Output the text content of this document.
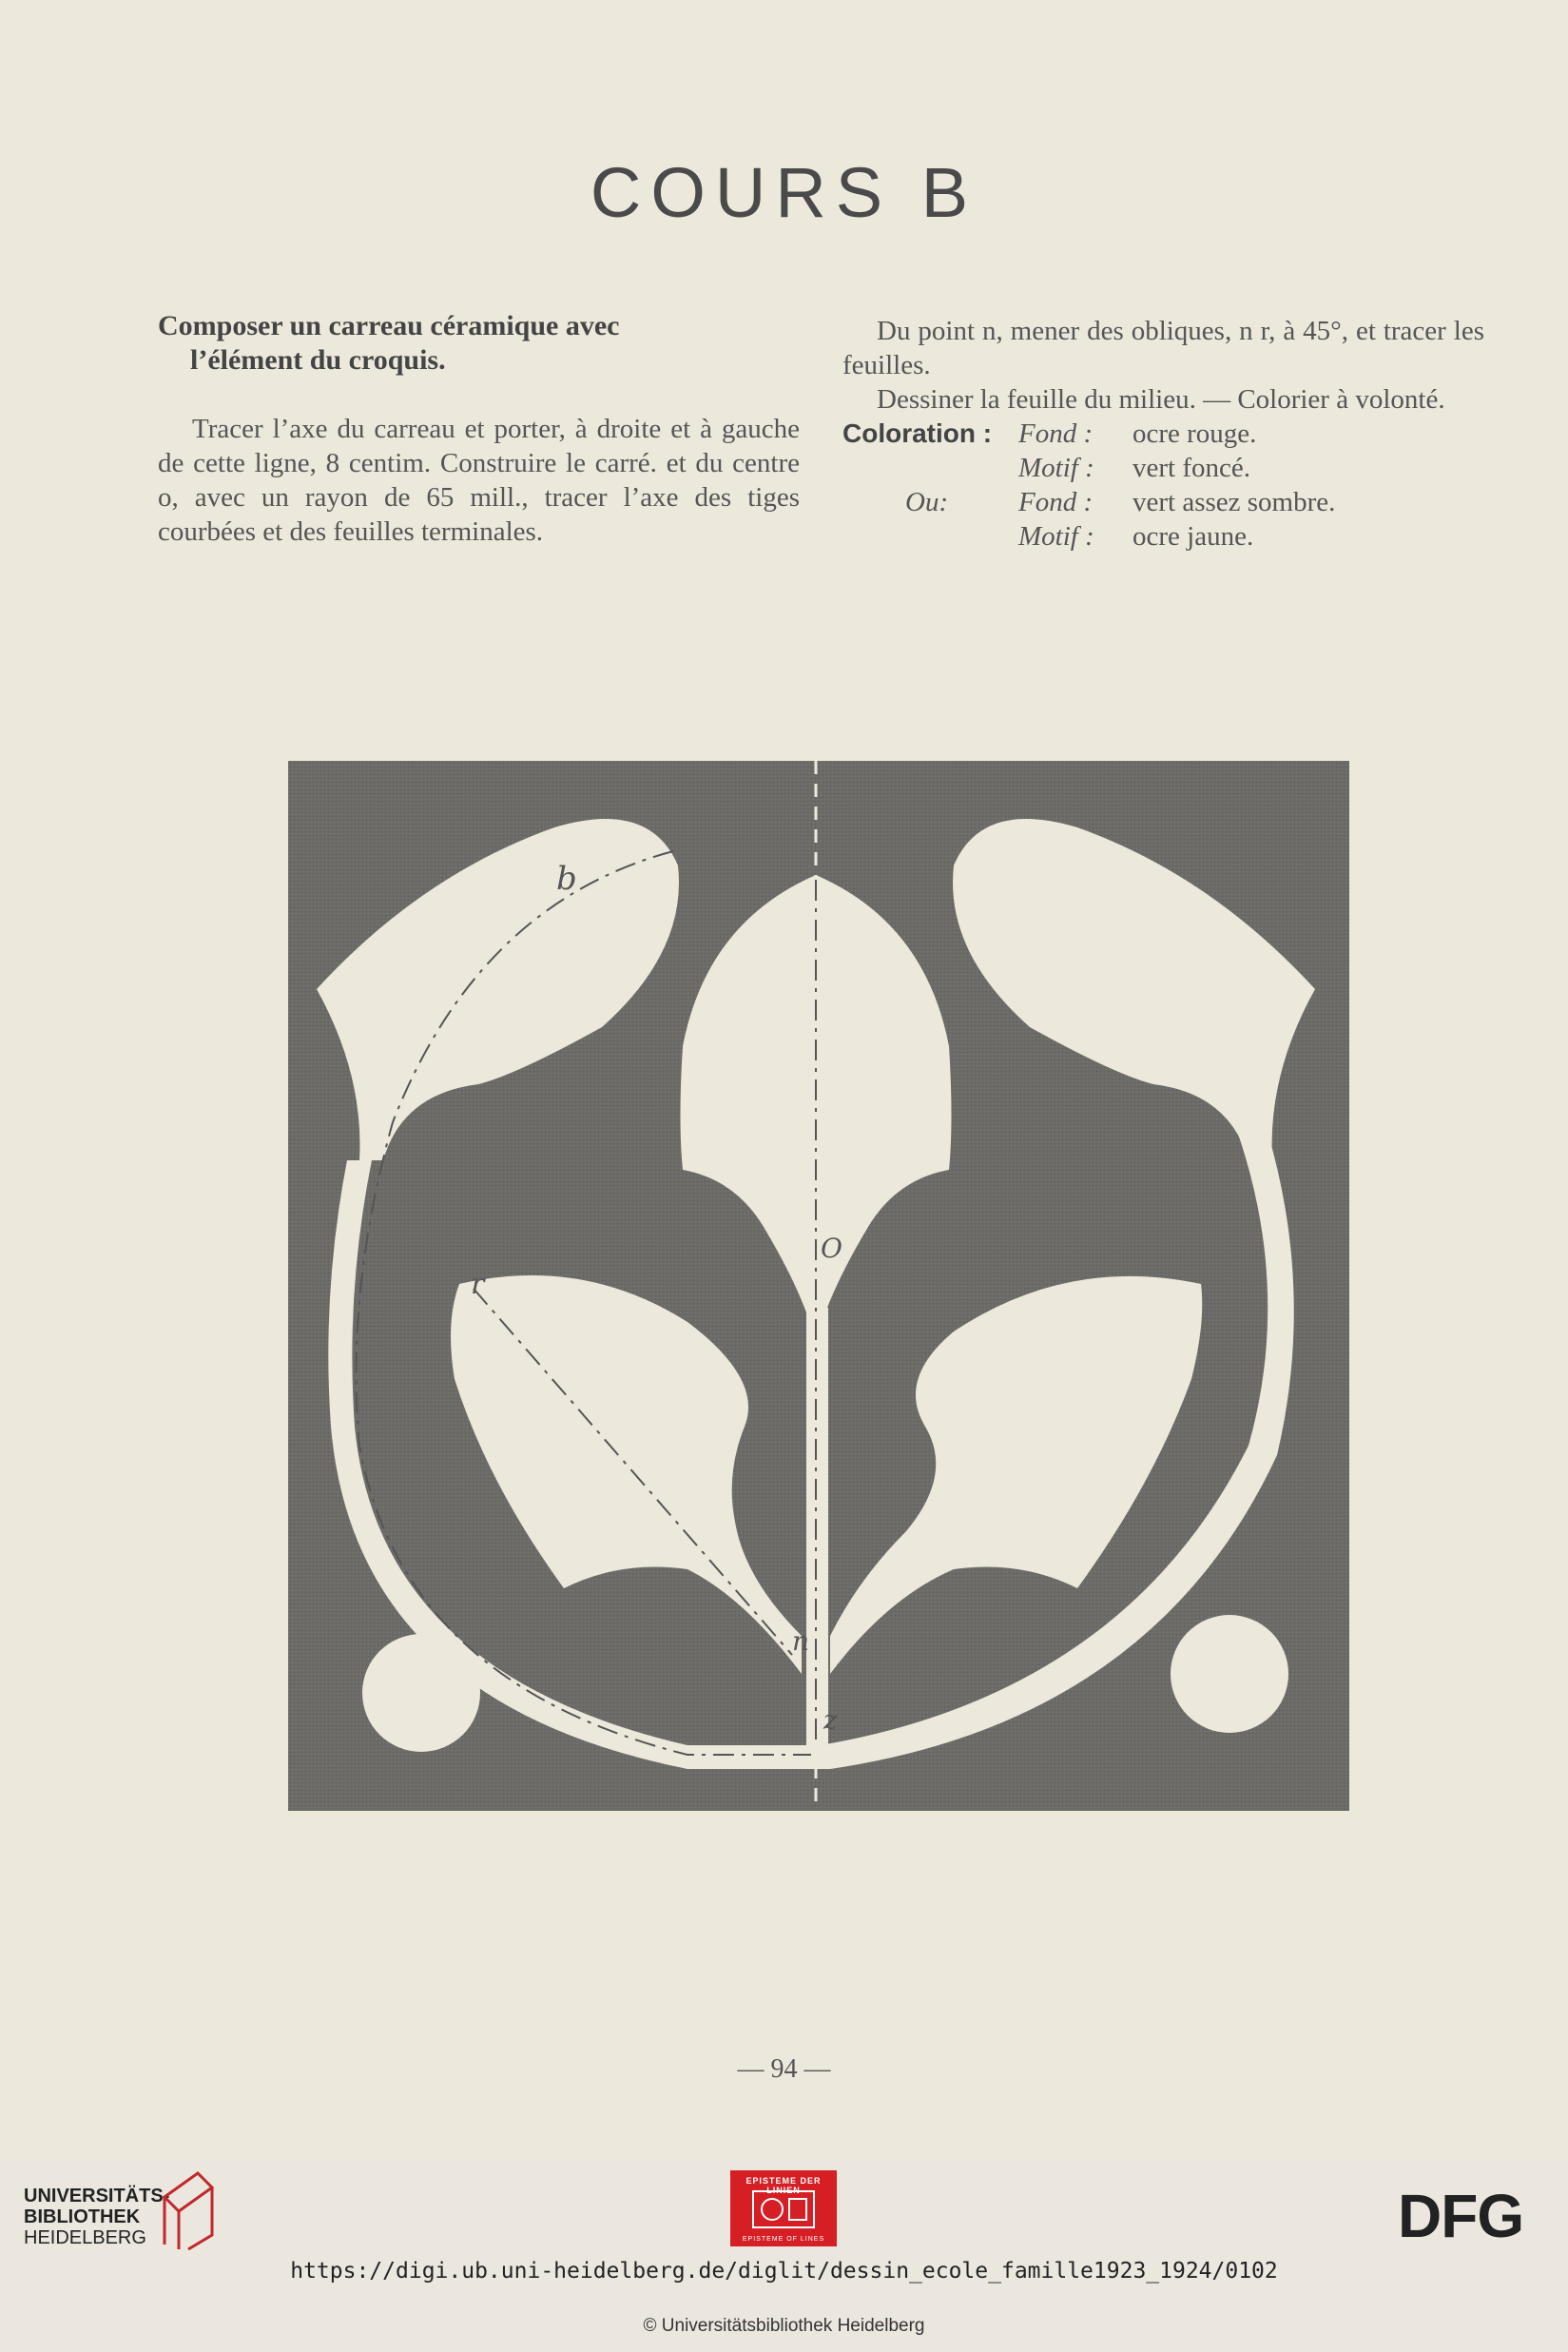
COURS B
Composer un carreau céramique avec
l’élément du croquis.
Tracer l’axe du carreau et porter, à droite et à gauche de cette ligne, 8 centim. Construire le carré. et du centre o, avec un rayon de 65 mill., tracer l’axe des tiges courbées et des feuilles terminales.
Du point n, mener des obliques, n r, à 45°, et tracer les feuilles.
Dessiner la feuille du milieu. — Colorier à volonté.
Coloration : Fond :	ocre rouge.
Motif :	vert foncé.
Ou:	Fond :	vert assez sombre.
Motif :	ocre jaune.
b
O
r
n
z
— 94 —
UNIVERSITÄTS-
BIBLIOTHEK
HEIDELBERG
EPISTEME DER LINIEN
EPISTEME OF LINES	DFG
https://digi.ub.uni-heidelberg.de/diglit/dessin_ecole_famille1923_1924/0102
© Universitätsbibliothek Heidelberg
